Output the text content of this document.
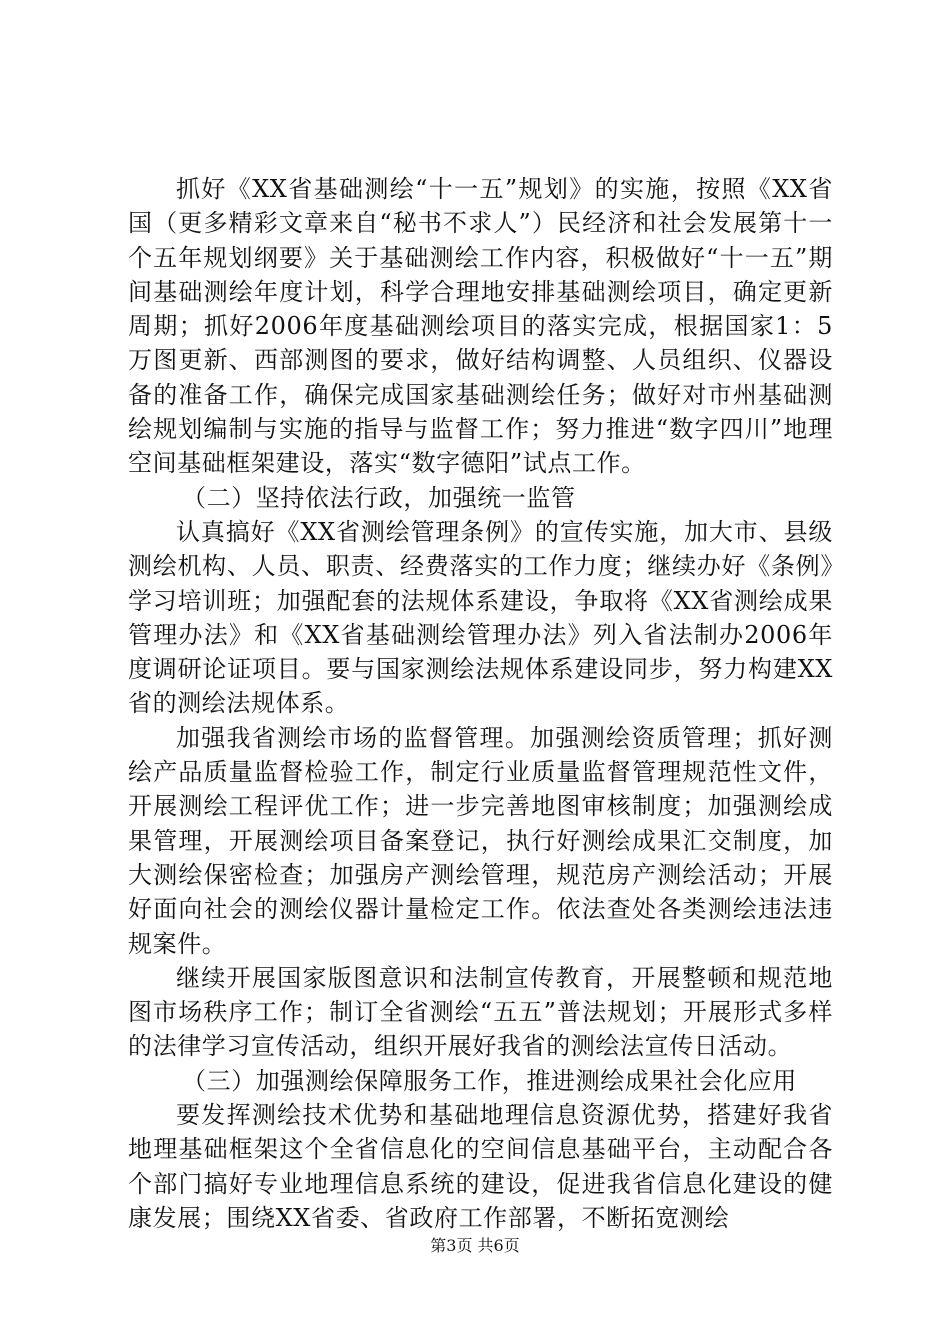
抓好《XX省基础测绘“十一五”规划》的实施，按照《XX省国（更多精彩文章来自“秘书不求人”）民经济和社会发展第十一个五年规划纲要》关于基础测绘工作内容，积极做好“十一五”期间基础测绘年度计划，科学合理地安排基础测绘项目，确定更新周期；抓好2006年度基础测绘项目的落实完成，根据国家1：5万图更新、西部测图的要求，做好结构调整、人员组织、仪器设备的准备工作，确保完成国家基础测绘任务；做好对市州基础测绘规划编制与实施的指导与监督工作；努力推进“数字四川”地理空间基础框架建设，落实“数字德阳”试点工作。

（二）坚持依法行政，加强统一监管

认真搞好《XX省测绘管理条例》的宣传实施，加大市、县级测绘机构、人员、职责、经费落实的工作力度；继续办好《条例》学习培训班；加强配套的法规体系建设，争取将《XX省测绘成果管理办法》和《XX省基础测绘管理办法》列入省法制办2006年度调研论证项目。要与国家测绘法规体系建设同步，努力构建XX省的测绘法规体系。

加强我省测绘市场的监督管理。加强测绘资质管理；抓好测绘产品质量监督检验工作，制定行业质量监督管理规范性文件，开展测绘工程评优工作；进一步完善地图审核制度；加强测绘成果管理，开展测绘项目备案登记，执行好测绘成果汇交制度，加大测绘保密检查；加强房产测绘管理，规范房产测绘活动；开展好面向社会的测绘仪器计量检定工作。依法查处各类测绘违法违规案件。

继续开展国家版图意识和法制宣传教育，开展整顿和规范地图市场秩序工作；制订全省测绘“五五”普法规划；开展形式多样的法律学习宣传活动，组织开展好我省的测绘法宣传日活动。

（三）加强测绘保障服务工作，推进测绘成果社会化应用

要发挥测绘技术优势和基础地理信息资源优势，搭建好我省地理基础框架这个全省信息化的空间信息基础平台，主动配合各个部门搞好专业地理信息系统的建设，促进我省信息化建设的健康发展；围绕XX省委、省政府工作部署，不断拓宽测绘

第3页 共6页
